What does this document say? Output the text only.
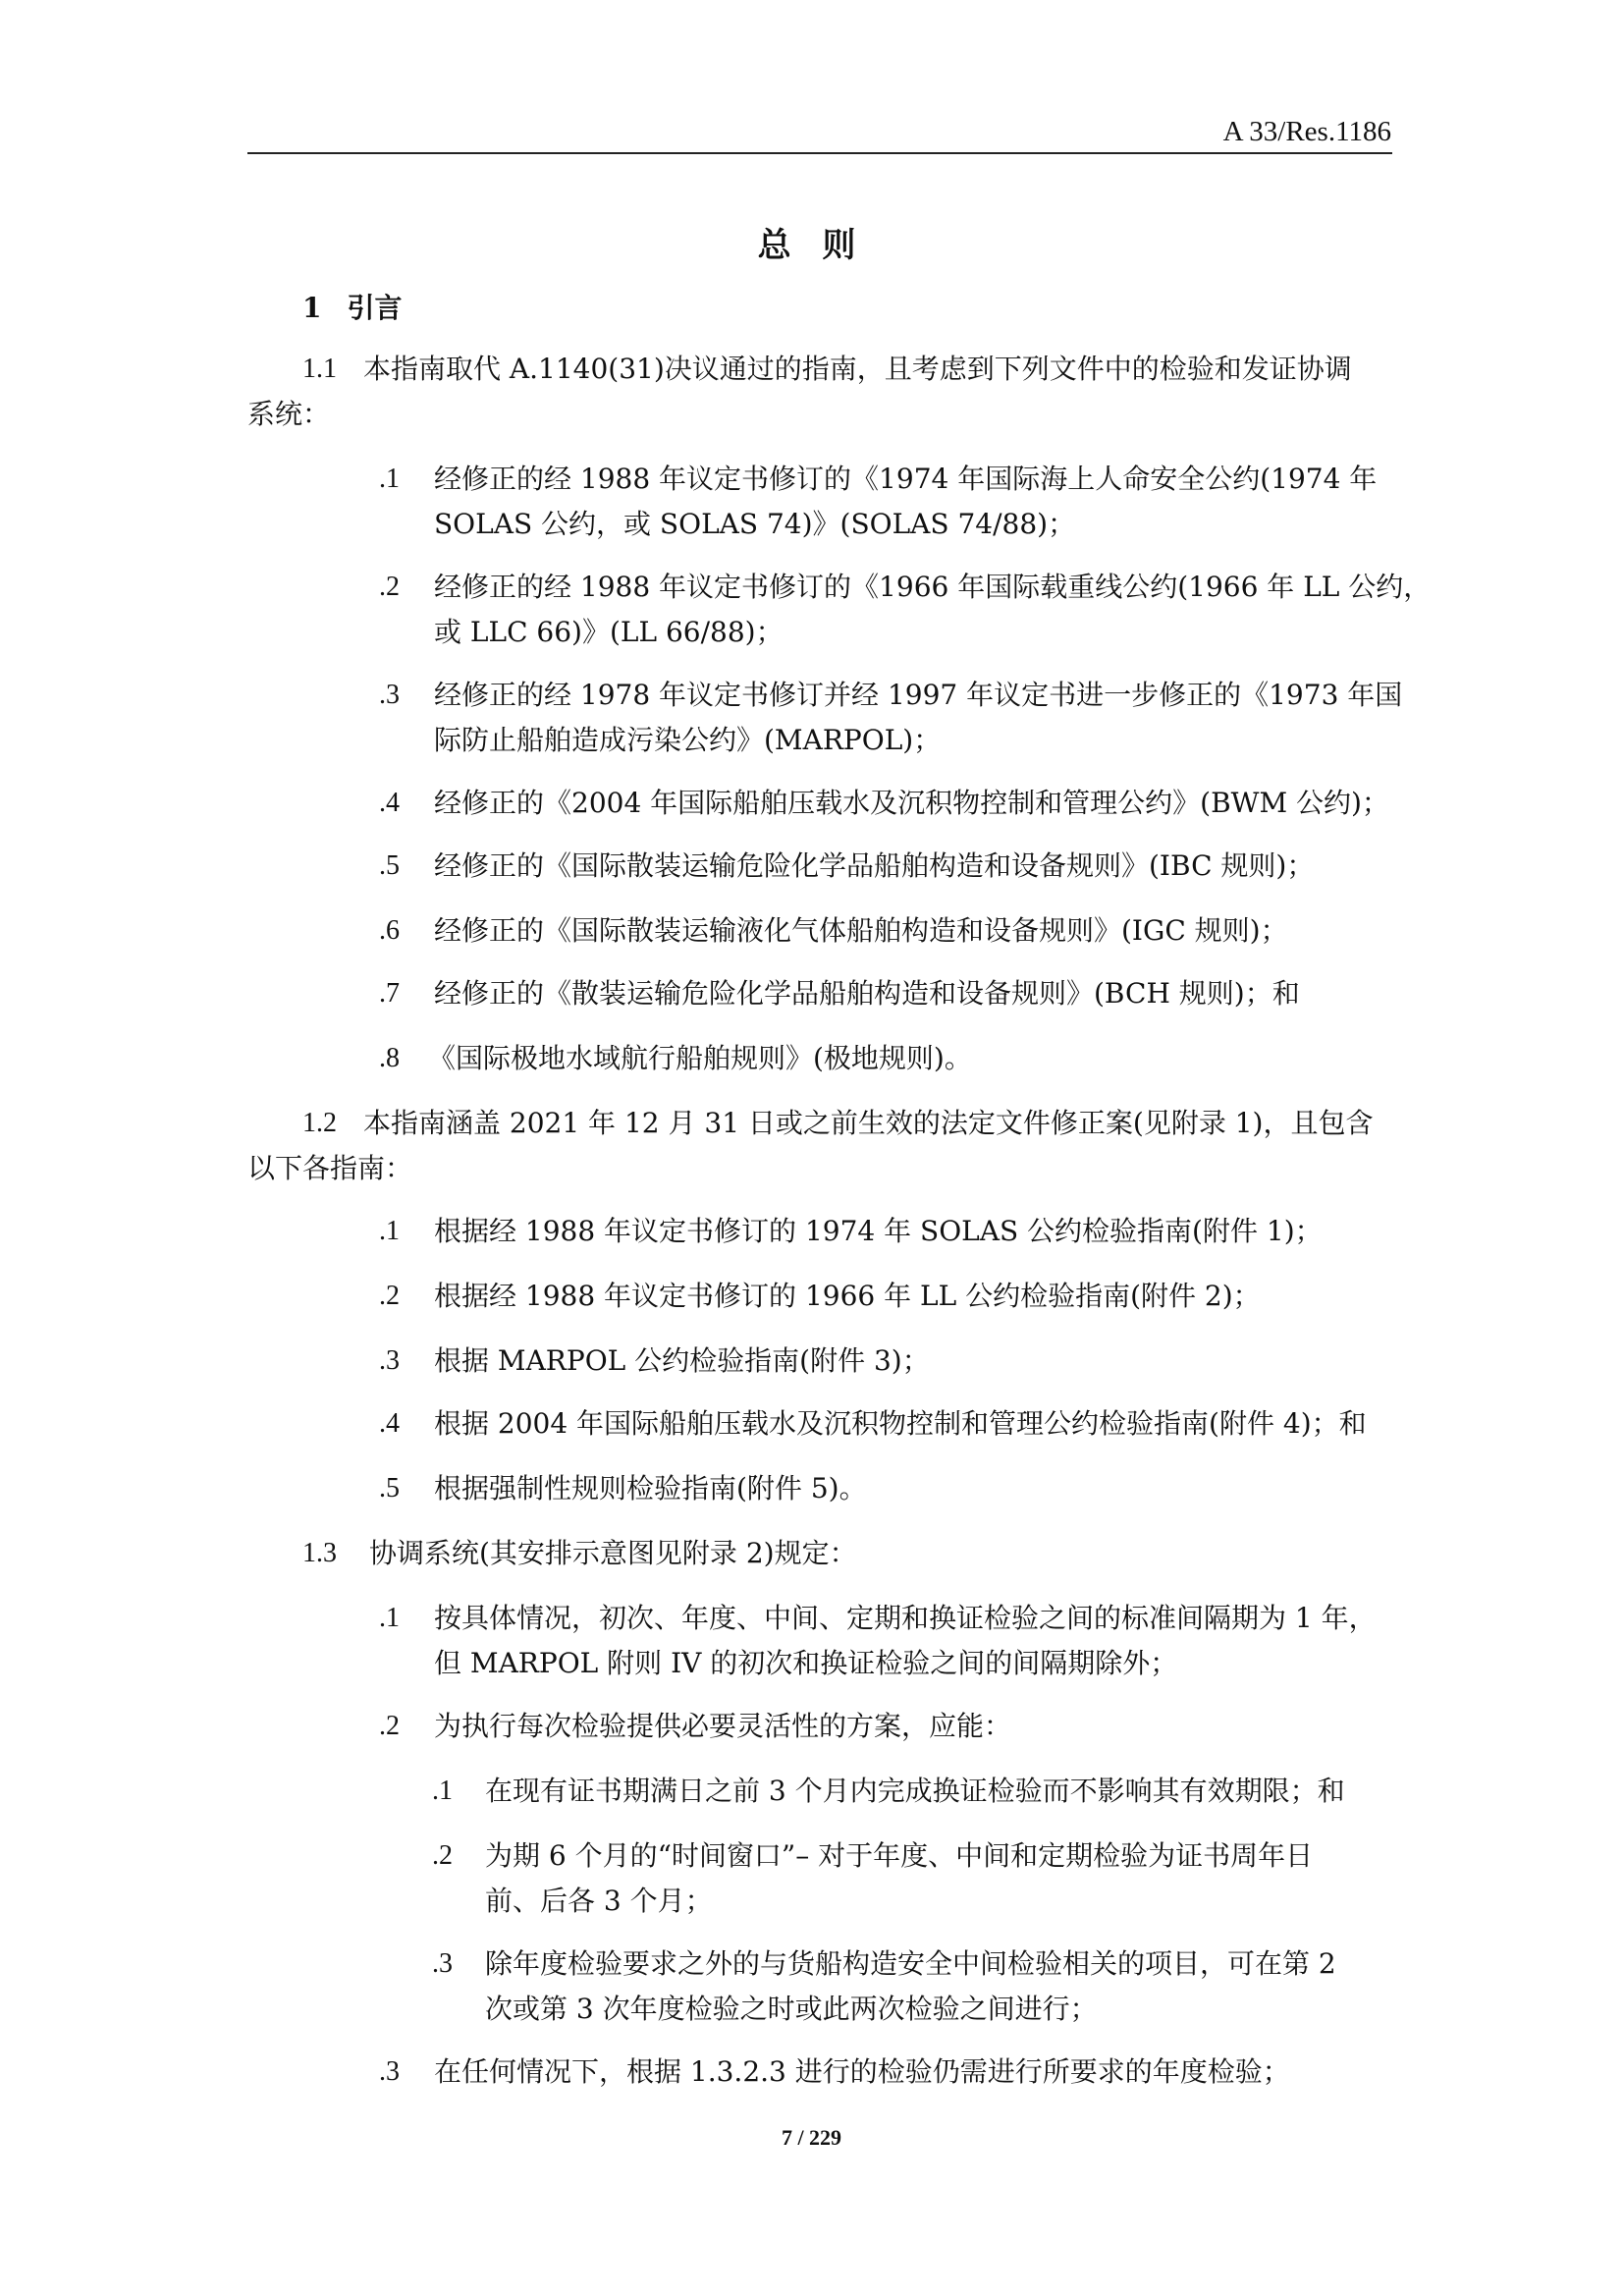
A 33/Res.1186
总 则
1 引言
1.1 本指南取代 A.1140(31)决议通过的指南，且考虑到下列文件中的检验和发证协调
系统：
.1 经修正的经 1988 年议定书修订的《1974 年国际海上人命安全公约(1974 年
SOLAS 公约，或 SOLAS 74)》(SOLAS 74/88)；
.2 经修正的经 1988 年议定书修订的《1966 年国际载重线公约(1966 年 LL 公约，
或 LLC 66)》(LL 66/88)；
.3 经修正的经 1978 年议定书修订并经 1997 年议定书进一步修正的《1973 年国
际防止船舶造成污染公约》(MARPOL)；
.4 经修正的《2004 年国际船舶压载水及沉积物控制和管理公约》(BWM 公约)；
.5 经修正的《国际散装运输危险化学品船舶构造和设备规则》(IBC 规则)；
.6 经修正的《国际散装运输液化气体船舶构造和设备规则》(IGC 规则)；
.7 经修正的《散装运输危险化学品船舶构造和设备规则》(BCH 规则)；和
.8 《国际极地水域航行船舶规则》(极地规则)。
1.2 本指南涵盖 2021 年 12 月 31 日或之前生效的法定文件修正案(见附录 1)，且包含
以下各指南：
.1 根据经 1988 年议定书修订的 1974 年 SOLAS 公约检验指南(附件 1)；
.2 根据经 1988 年议定书修订的 1966 年 LL 公约检验指南(附件 2)；
.3 根据 MARPOL 公约检验指南(附件 3)；
.4 根据 2004 年国际船舶压载水及沉积物控制和管理公约检验指南(附件 4)；和
.5 根据强制性规则检验指南(附件 5)。
1.3 协调系统(其安排示意图见附录 2)规定：
.1 按具体情况，初次、年度、中间、定期和换证检验之间的标准间隔期为 1 年，
但 MARPOL 附则 IV 的初次和换证检验之间的间隔期除外；
.2 为执行每次检验提供必要灵活性的方案，应能：
.1 在现有证书期满日之前 3 个月内完成换证检验而不影响其有效期限；和
.2 为期 6 个月的“时间窗口”– 对于年度、中间和定期检验为证书周年日
前、后各 3 个月；
.3 除年度检验要求之外的与货船构造安全中间检验相关的项目，可在第 2
次或第 3 次年度检验之时或此两次检验之间进行；
.3 在任何情况下，根据 1.3.2.3 进行的检验仍需进行所要求的年度检验；
7 / 229
